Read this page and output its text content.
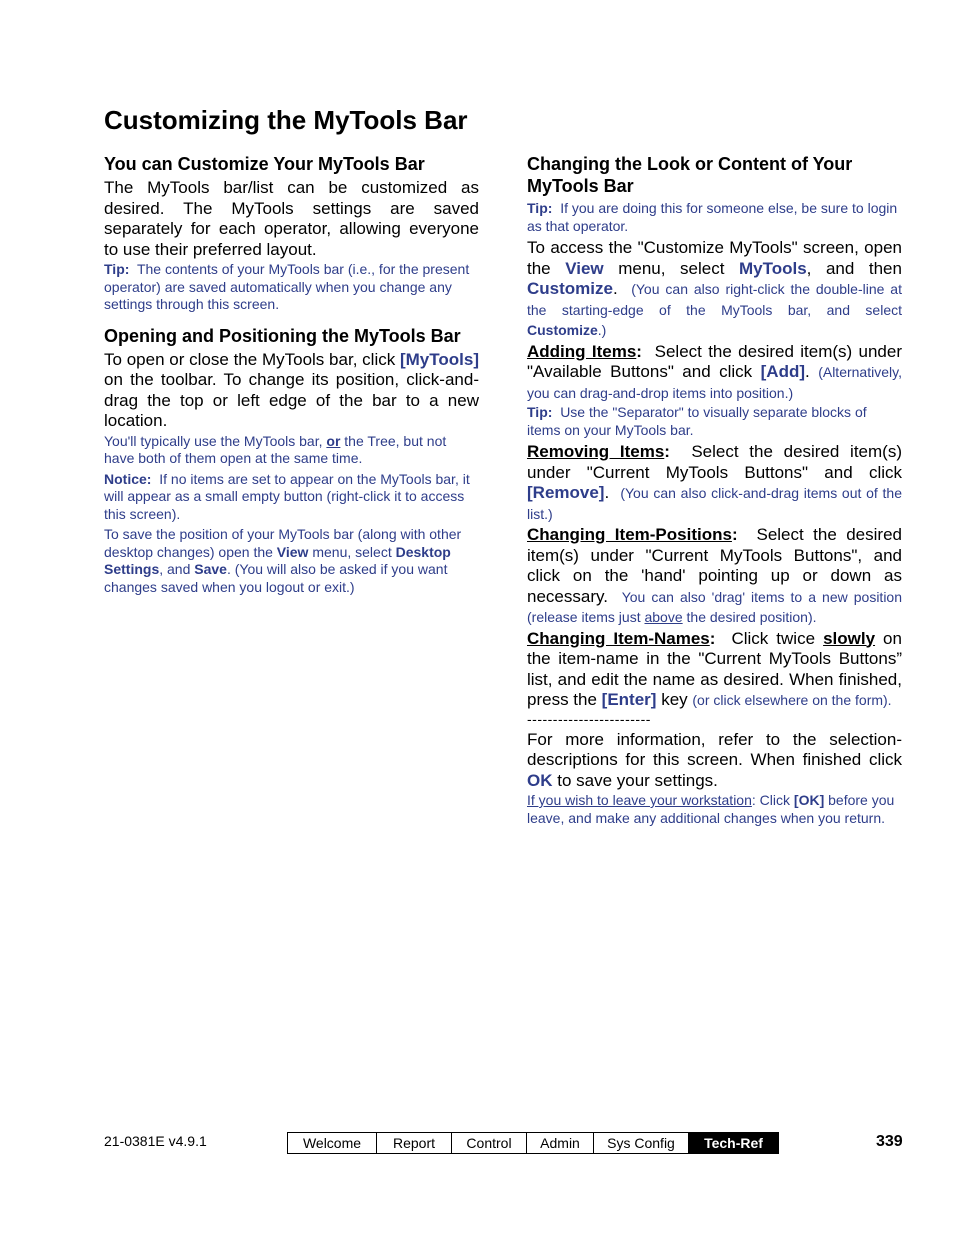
Customizing the MyTools Bar
You can Customize Your MyTools Bar

The MyTools bar/list can be customized as desired. The MyTools settings are saved separately for each operator, allowing everyone to use their preferred layout.

Tip: The contents of your MyTools bar (i.e., for the present operator) are saved automatically when you change any settings through this screen.

Opening and Positioning the MyTools Bar

To open or close the MyTools bar, click [MyTools] on the toolbar. To change its position, click-and-drag the top or left edge of the bar to a new location.

You'll typically use the MyTools bar, or the Tree, but not have both of them open at the same time.

Notice: If no items are set to appear on the MyTools bar, it will appear as a small empty button (right-click it to access this screen).

To save the position of your MyTools bar (along with other desktop changes) open the View menu, select Desktop Settings, and Save. (You will also be asked if you want changes saved when you logout or exit.)

Changing the Look or Content of Your MyTools Bar

Tip: If you are doing this for someone else, be sure to login as that operator.

To access the "Customize MyTools" screen, open the View menu, select MyTools, and then Customize. (You can also right-click the double-line at the starting-edge of the MyTools bar, and select Customize.)

Adding Items: Select the desired item(s) under "Available Buttons" and click [Add]. (Alternatively, you can drag-and-drop items into position.)

Tip: Use the "Separator" to visually separate blocks of items on your MyTools bar.

Removing Items: Select the desired item(s) under "Current MyTools Buttons" and click [Remove]. (You can also click-and-drag items out of the list.)

Changing Item-Positions: Select the desired item(s) under "Current MyTools Buttons", and click on the 'hand' pointing up or down as necessary. You can also 'drag' items to a new position (release items just above the desired position).

Changing Item-Names: Click twice slowly on the item-name in the "Current MyTools Buttons” list, and edit the name as desired. When finished, press the [Enter] key (or click elsewhere on the form).

------------------------

For more information, refer to the selection-descriptions for this screen. When finished click OK to save your settings.

If you wish to leave your workstation: Click [OK] before you leave, and make any additional changes when you return.

21-0381E v4.9.1	Welcome	Report	Control	Admin	Sys Config	Tech-Ref	339
